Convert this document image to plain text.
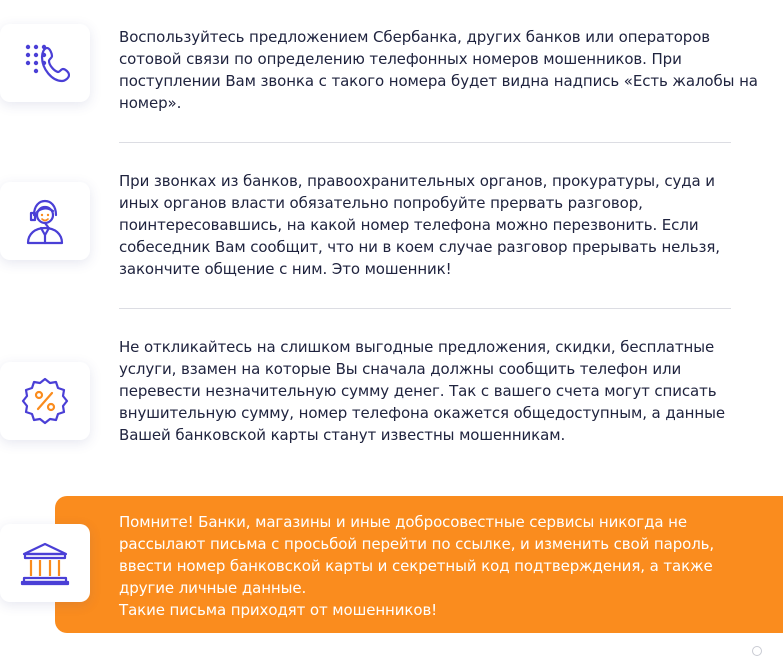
Воспользуйтесь предложением Сбербанка, других банков или операторов сотовой связи по определению телефонных номеров мошенников. При поступлении Вам звонка с такого номера будет видна надпись «Есть жалобы на номер».

При звонках из банков, правоохранительных органов, прокуратуры, суда и иных органов власти обязательно попробуйте прервать разговор, поинтересовавшись, на какой номер телефона можно перезвонить. Если собеседник Вам сообщит, что ни в коем случае разговор прерывать нельзя, закончите общение с ним. Это мошенник!

Не откликайтесь на слишком выгодные предложения, скидки, бесплатные услуги, взамен на которые Вы сначала должны сообщить телефон или перевести незначительную сумму денег. Так с вашего счета могут списать внушительную сумму, номер телефона окажется общедоступным, а данные Вашей банковской карты станут известны мошенникам.

Помните! Банки, магазины и иные добросовестные сервисы никогда не рассылают письма с просьбой перейти по ссылке, и изменить свой пароль, ввести номер банковской карты и секретный код подтверждения, а также другие личные данные.
Такие письма приходят от мошенников!
